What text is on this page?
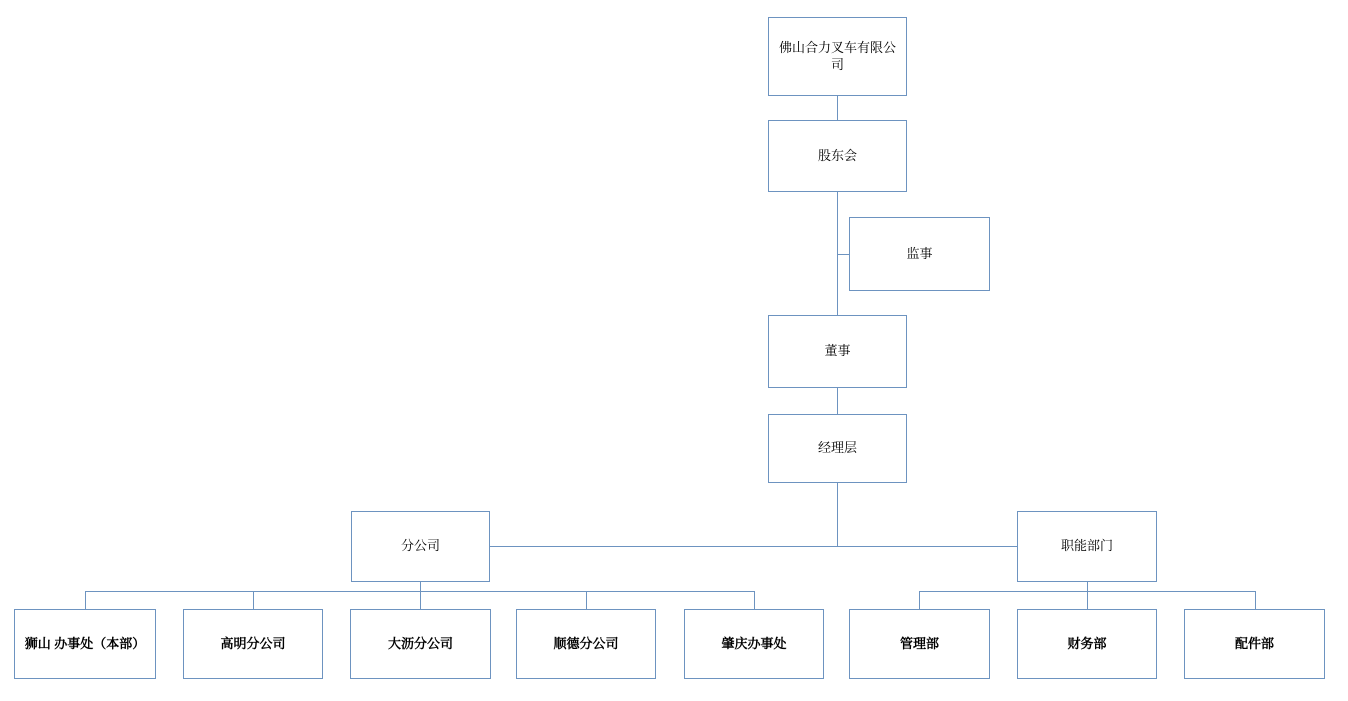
佛山合力叉车有限公司
股东会
监事
董事
经理层
分公司	职能部门
狮山 办事处（本部）	高明分公司	大沥分公司	顺德分公司	肇庆办事处	管理部	财务部	配件部
